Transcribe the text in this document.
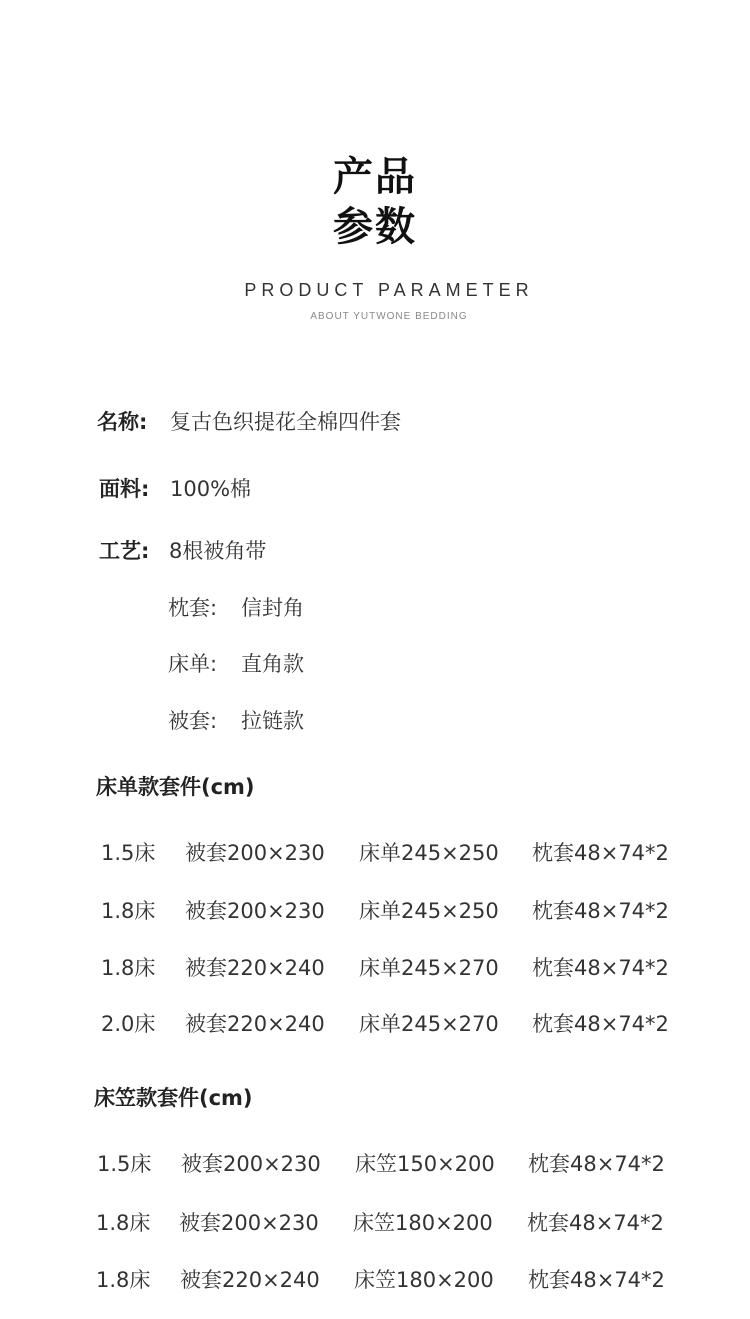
产品
参数
PRODUCT PARAMETER
ABOUT YUTWONE BEDDING
名称: 复古色织提花全棉四件套
面料: 100%棉
工艺: 8根被角带
枕套: 信封角
床单: 直角款
被套: 拉链款
床单款套件(cm)
1.5床 被套200×230 床单245×250 枕套48×74*2
1.8床 被套200×230 床单245×250 枕套48×74*2
1.8床 被套220×240 床单245×270 枕套48×74*2
2.0床 被套220×240 床单245×270 枕套48×74*2
床笠款套件(cm)
1.5床 被套200×230 床笠150×200 枕套48×74*2
1.8床 被套200×230 床笠180×200 枕套48×74*2
1.8床 被套220×240 床笠180×200 枕套48×74*2
